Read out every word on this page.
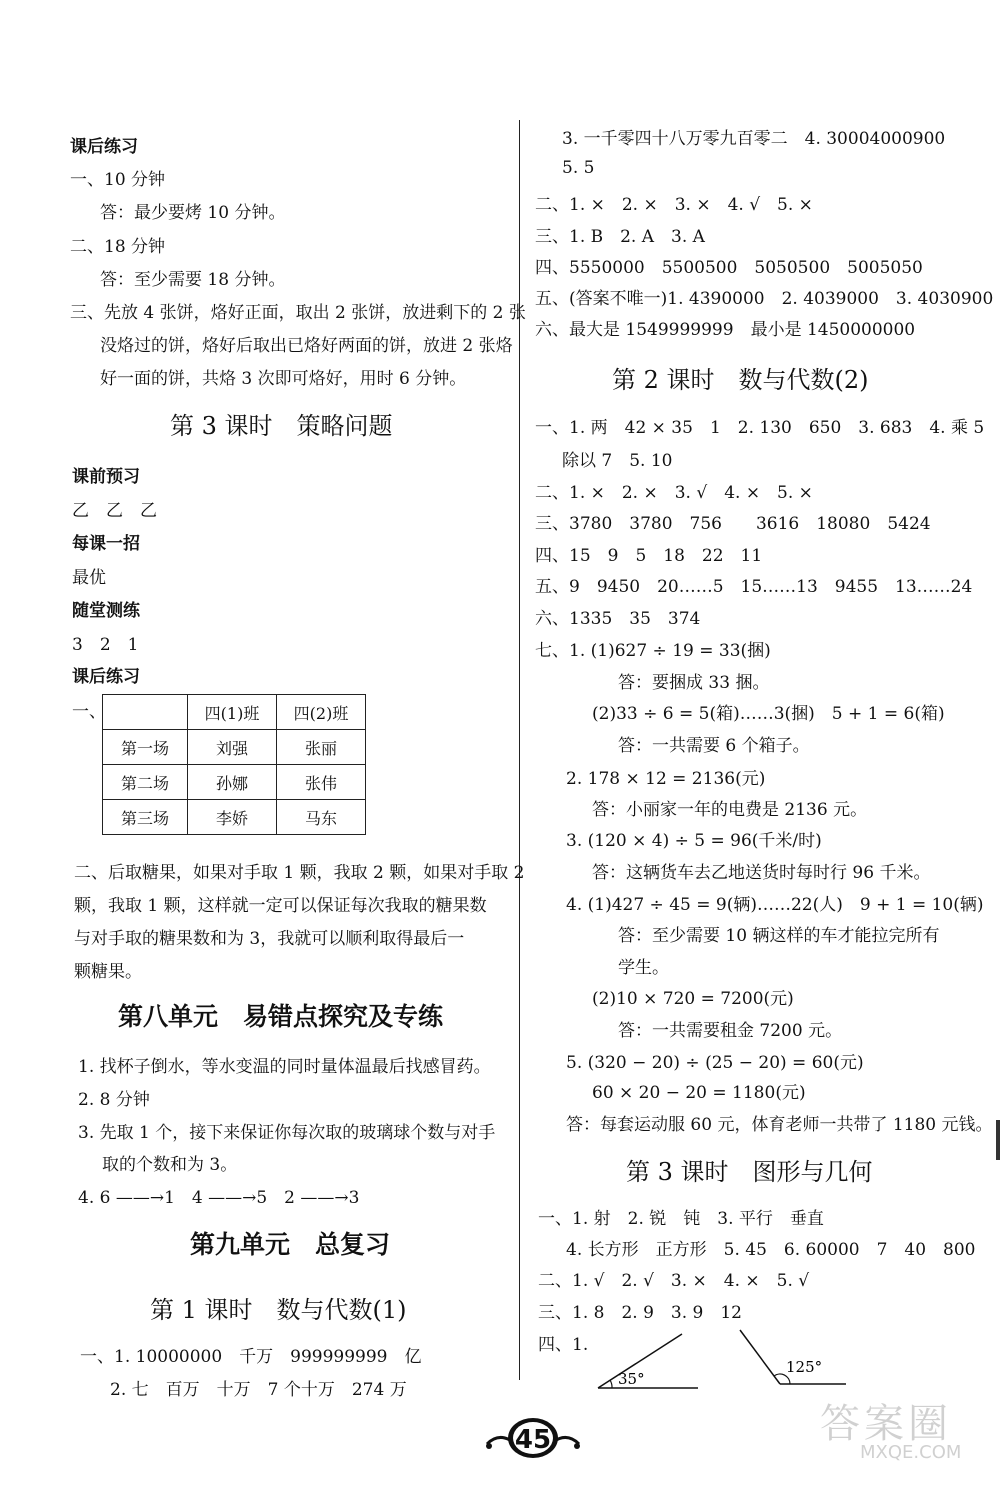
课后练习
一、10 分钟
答：最少要烤 10 分钟。
二、18 分钟
答：至少需要 18 分钟。
三、先放 4 张饼，烙好正面，取出 2 张饼，放进剩下的 2 张
没烙过的饼，烙好后取出已烙好两面的饼，放进 2 张烙
好一面的饼，共烙 3 次即可烙好，用时 6 分钟。
第 3 课时　策略问题
课前预习
乙　乙　乙
每课一招
最优
随堂测练
3　2　1
课后练习
一、
		四(1)班	四(2)班
第一场	刘强	张丽
第二场	孙娜	张伟
第三场	李娇	马东
二、后取糖果，如果对手取 1 颗，我取 2 颗，如果对手取 2
颗，我取 1 颗，这样就一定可以保证每次我取的糖果数
与对手取的糖果数和为 3，我就可以顺利取得最后一
颗糖果。
第八单元　易错点探究及专练
1. 找杯子倒水，等水变温的同时量体温最后找感冒药。
2. 8 分钟
3. 先取 1 个，接下来保证你每次取的玻璃球个数与对手
取的个数和为 3。
4. 6 ——→1　4 ——→5　2 ——→3
第九单元　总复习
第 1 课时　数与代数(1)
一、1. 10000000　千万　999999999　亿
2. 七　百万　十万　7 个十万　274 万
3. 一千零四十八万零九百零二　4. 30004000900
5. 5
二、1. ×　2. ×　3. ×　4. √　5. ×
三、1. B　2. A　3. A
四、5550000　5500500　5050500　5005050
五、(答案不唯一)1. 4390000　2. 4039000　3. 4030900
六、最大是 1549999999　最小是 1450000000
第 2 课时　数与代数(2)
一、1. 两　42 × 35　1　2. 130　650　3. 683　4. 乘 5
除以 7　5. 10
二、1. ×　2. ×　3. √　4. ×　5. ×
三、3780　3780　756　　3616　18080　5424
四、15　9　5　18　22　11
五、9　9450　20……5　15……13　9455　13……24
六、1335　35　374
七、1. (1)627 ÷ 19 = 33(捆)
答：要捆成 33 捆。
(2)33 ÷ 6 = 5(箱)……3(捆)　5 + 1 = 6(箱)
答：一共需要 6 个箱子。
2. 178 × 12 = 2136(元)
答：小丽家一年的电费是 2136 元。
3. (120 × 4) ÷ 5 = 96(千米/时)
答：这辆货车去乙地送货时每时行 96 千米。
4. (1)427 ÷ 45 = 9(辆)……22(人)　9 + 1 = 10(辆)
答：至少需要 10 辆这样的车才能拉完所有
学生。
(2)10 × 720 = 7200(元)
答：一共需要租金 7200 元。
5. (320 − 20) ÷ (25 − 20) = 60(元)
60 × 20 − 20 = 1180(元)
答：每套运动服 60 元，体育老师一共带了 1180 元钱。
第 3 课时　图形与几何
一、1. 射　2. 锐　钝　3. 平行　垂直
4. 长方形　正方形　5. 45　6. 60000　7　40　800
二、1. √　2. √　3. ×　4. ×　5. √
三、1. 8　2. 9　3. 9　12
四、1.
35°
125°
45	答案圈
MXQE.COM
